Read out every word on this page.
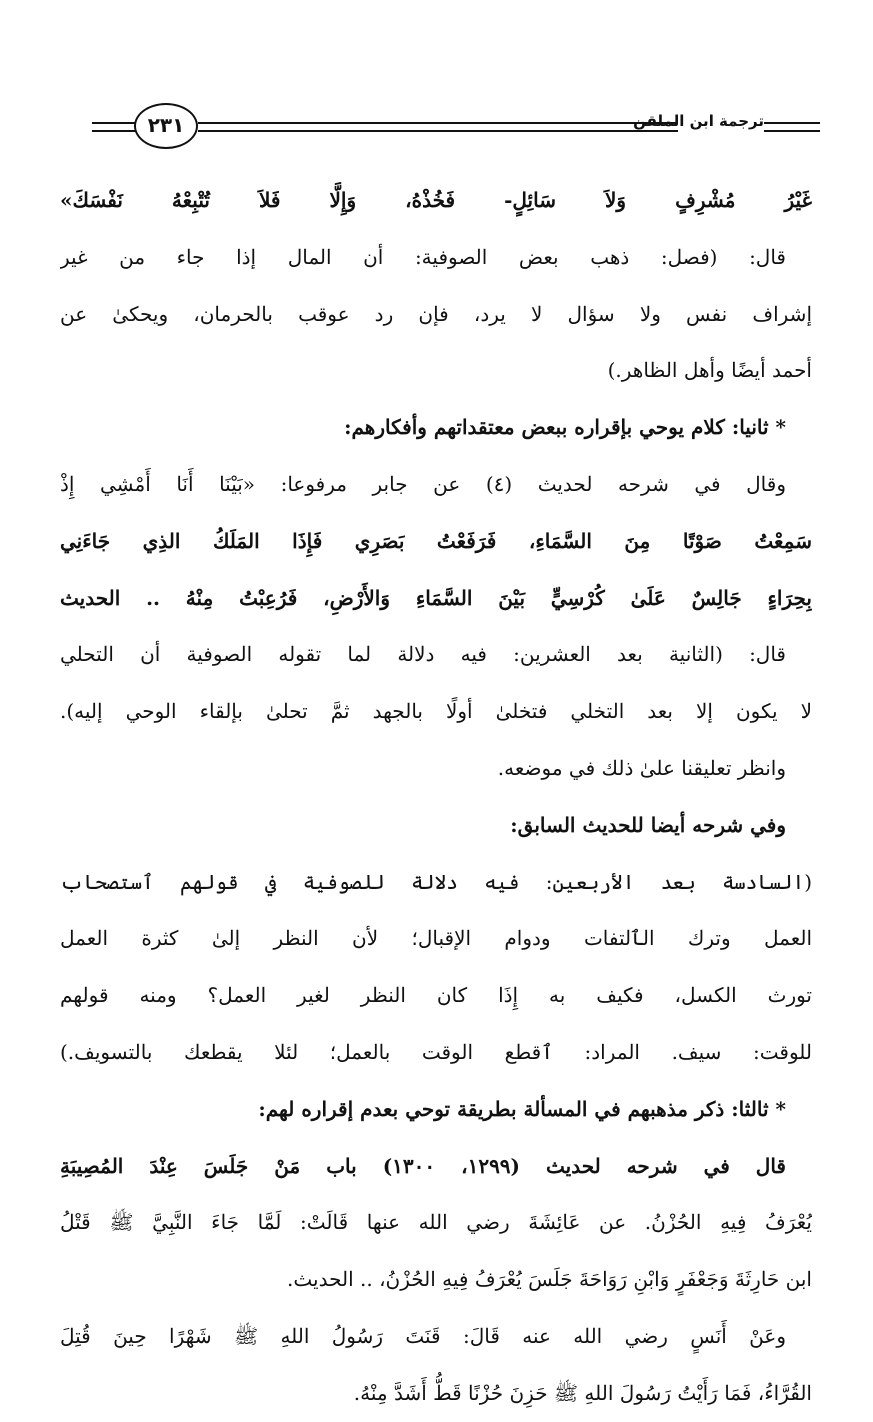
٢٣١	ترجمة ابن الملقن
غَيْرُ مُشْرِفٍ وَلاَ سَائِلٍ- فَخُذْهُ، وَإِلَّا فَلاَ تُتْبِعْهُ نَفْسَكَ»
قال: (فصل: ذهب بعض الصوفية: أن المال إذا جاء من غير
إشراف نفس ولا سؤال لا يرد، فإن رد عوقب بالحرمان، ويحكىٰ عن
أحمد أيضًا وأهل الظاهر.)
* ثانيا: كلام يوحي بإقراره ببعض معتقداتهم وأفكارهم:
وقال في شرحه لحديث (٤) عن جابر مرفوعا: «بَيْنَا أَنَا أَمْشِي إِذْ
سَمِعْتُ صَوْتًا مِنَ السَّمَاءِ، فَرَفَعْتُ بَصَرِي فَإِذَا المَلَكُ الذِي جَاءَنِي
بِحِرَاءٍ جَالِسٌ عَلَىٰ كُرْسِيٍّ بَيْنَ السَّمَاءِ وَالأَرْضِ، فَرُعِبْتُ مِنْهُ .. الحديث
قال: (الثانية بعد العشرين: فيه دلالة لما تقوله الصوفية أن التحلي
لا يكون إلا بعد التخلي فتخلىٰ أولًا بالجهد ثمَّ تحلىٰ بإلقاء الوحي إليه).
وانظر تعليقنا علىٰ ذلك في موضعه.
وفي شرحه أيضا للحديث السابق:
(السادسة بعد الأربعين: فيه دلالة للصوفية في قولهم ٱستصحاب
العمل وترك الٱلتفات ودوام الإقبال؛ لأن النظر إلىٰ كثرة العمل
تورث الكسل، فكيف به إِذَا كان النظر لغير العمل؟ ومنه قولهم
للوقت: سيف. المراد: ٱقطع الوقت بالعمل؛ لئلا يقطعك بالتسويف.)
* ثالثا: ذكر مذهبهم في المسألة بطريقة توحي بعدم إقراره لهم:
قال في شرحه لحديث (١٢٩٩، ١٣٠٠) باب مَنْ جَلَسَ عِنْدَ المُصِيبَةِ
يُعْرَفُ فِيهِ الحُزْنُ. عن عَائِشَةَ رضي الله عنها قَالَتْ: لَمَّا جَاءَ النَّبِيَّ ﷺ قَتْلُ
ابن حَارِثَةَ وَجَعْفَرٍ وَابْنِ رَوَاحَةَ جَلَسَ يُعْرَفُ فِيهِ الحُزْنُ، .. الحديث.
وعَنْ أَنَسٍ رضي الله عنه قَالَ: قَنَتَ رَسُولُ اللهِ ﷺ شَهْرًا حِينَ قُتِلَ
القُرَّاءُ، فَمَا رَأَيْتُ رَسُولَ اللهِ ﷺ حَزِنَ حُزْنًا قَطُّ أَشَدَّ مِنْهُ.
